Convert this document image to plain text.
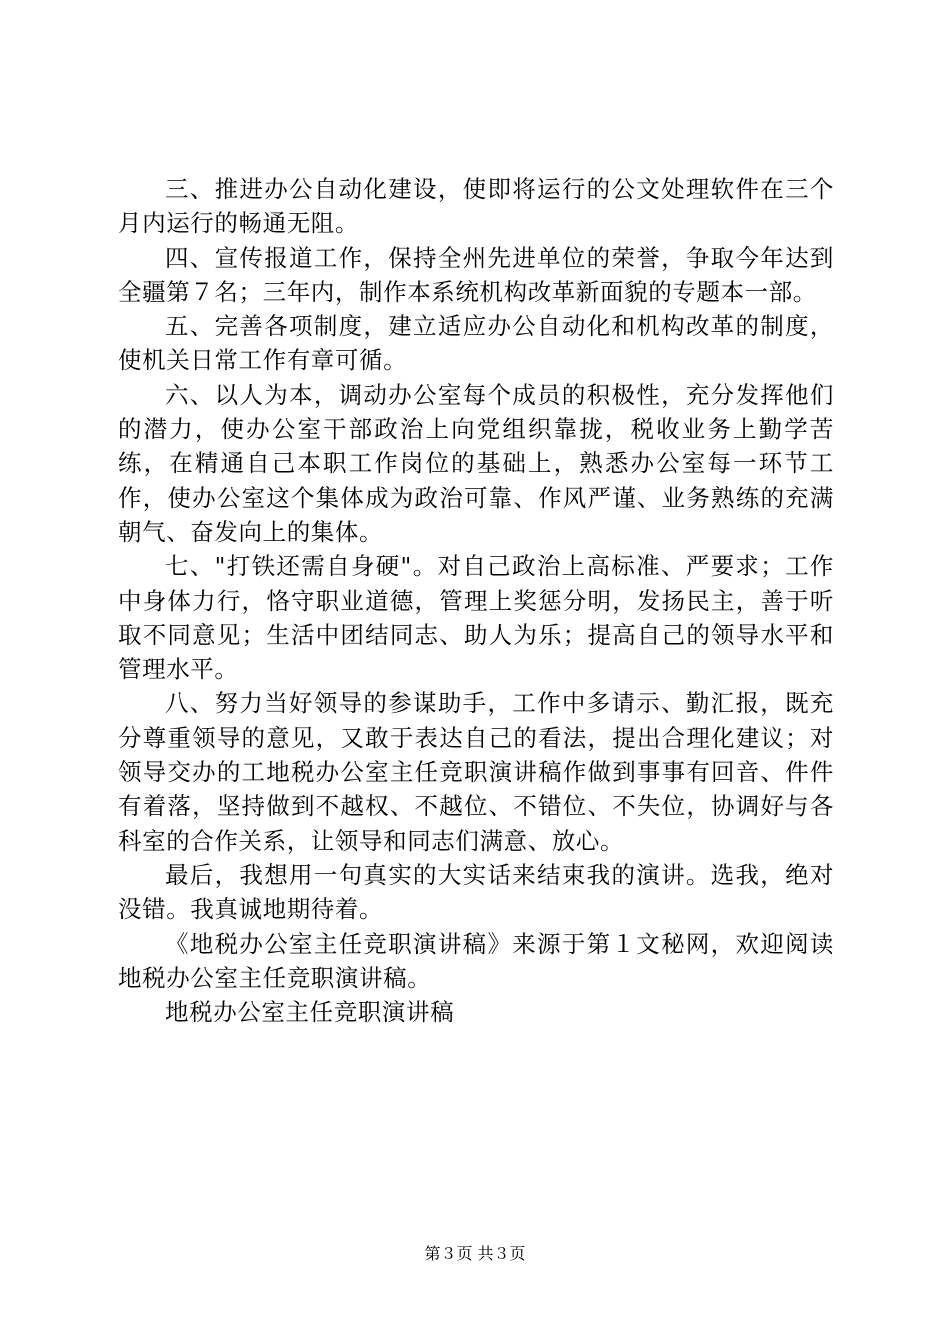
三、推进办公自动化建设，使即将运行的公文处理软件在三个月内运行的畅通无阻。

四、宣传报道工作，保持全州先进单位的荣誉，争取今年达到全疆第７名；三年内，制作本系统机构改革新面貌的专题本一部。

五、完善各项制度，建立适应办公自动化和机构改革的制度，使机关日常工作有章可循。

六、以人为本，调动办公室每个成员的积极性，充分发挥他们的潜力，使办公室干部政治上向党组织靠拢，税收业务上勤学苦练，在精通自己本职工作岗位的基础上，熟悉办公室每一环节工作，使办公室这个集体成为政治可靠、作风严谨、业务熟练的充满朝气、奋发向上的集体。

七、"打铁还需自身硬"。对自己政治上高标准、严要求；工作中身体力行，恪守职业道德，管理上奖惩分明，发扬民主，善于听取不同意见；生活中团结同志、助人为乐；提高自己的领导水平和管理水平。

八、努力当好领导的参谋助手，工作中多请示、勤汇报，既充分尊重领导的意见，又敢于表达自己的看法，提出合理化建议；对领导交办的工地税办公室主任竞职演讲稿作做到事事有回音、件件有着落，坚持做到不越权、不越位、不错位、不失位，协调好与各科室的合作关系，让领导和同志们满意、放心。

最后，我想用一句真实的大实话来结束我的演讲。选我，绝对没错。我真诚地期待着。

《地税办公室主任竞职演讲稿》来源于第１文秘网，欢迎阅读地税办公室主任竞职演讲稿。

地税办公室主任竞职演讲稿

第３页 共３页
